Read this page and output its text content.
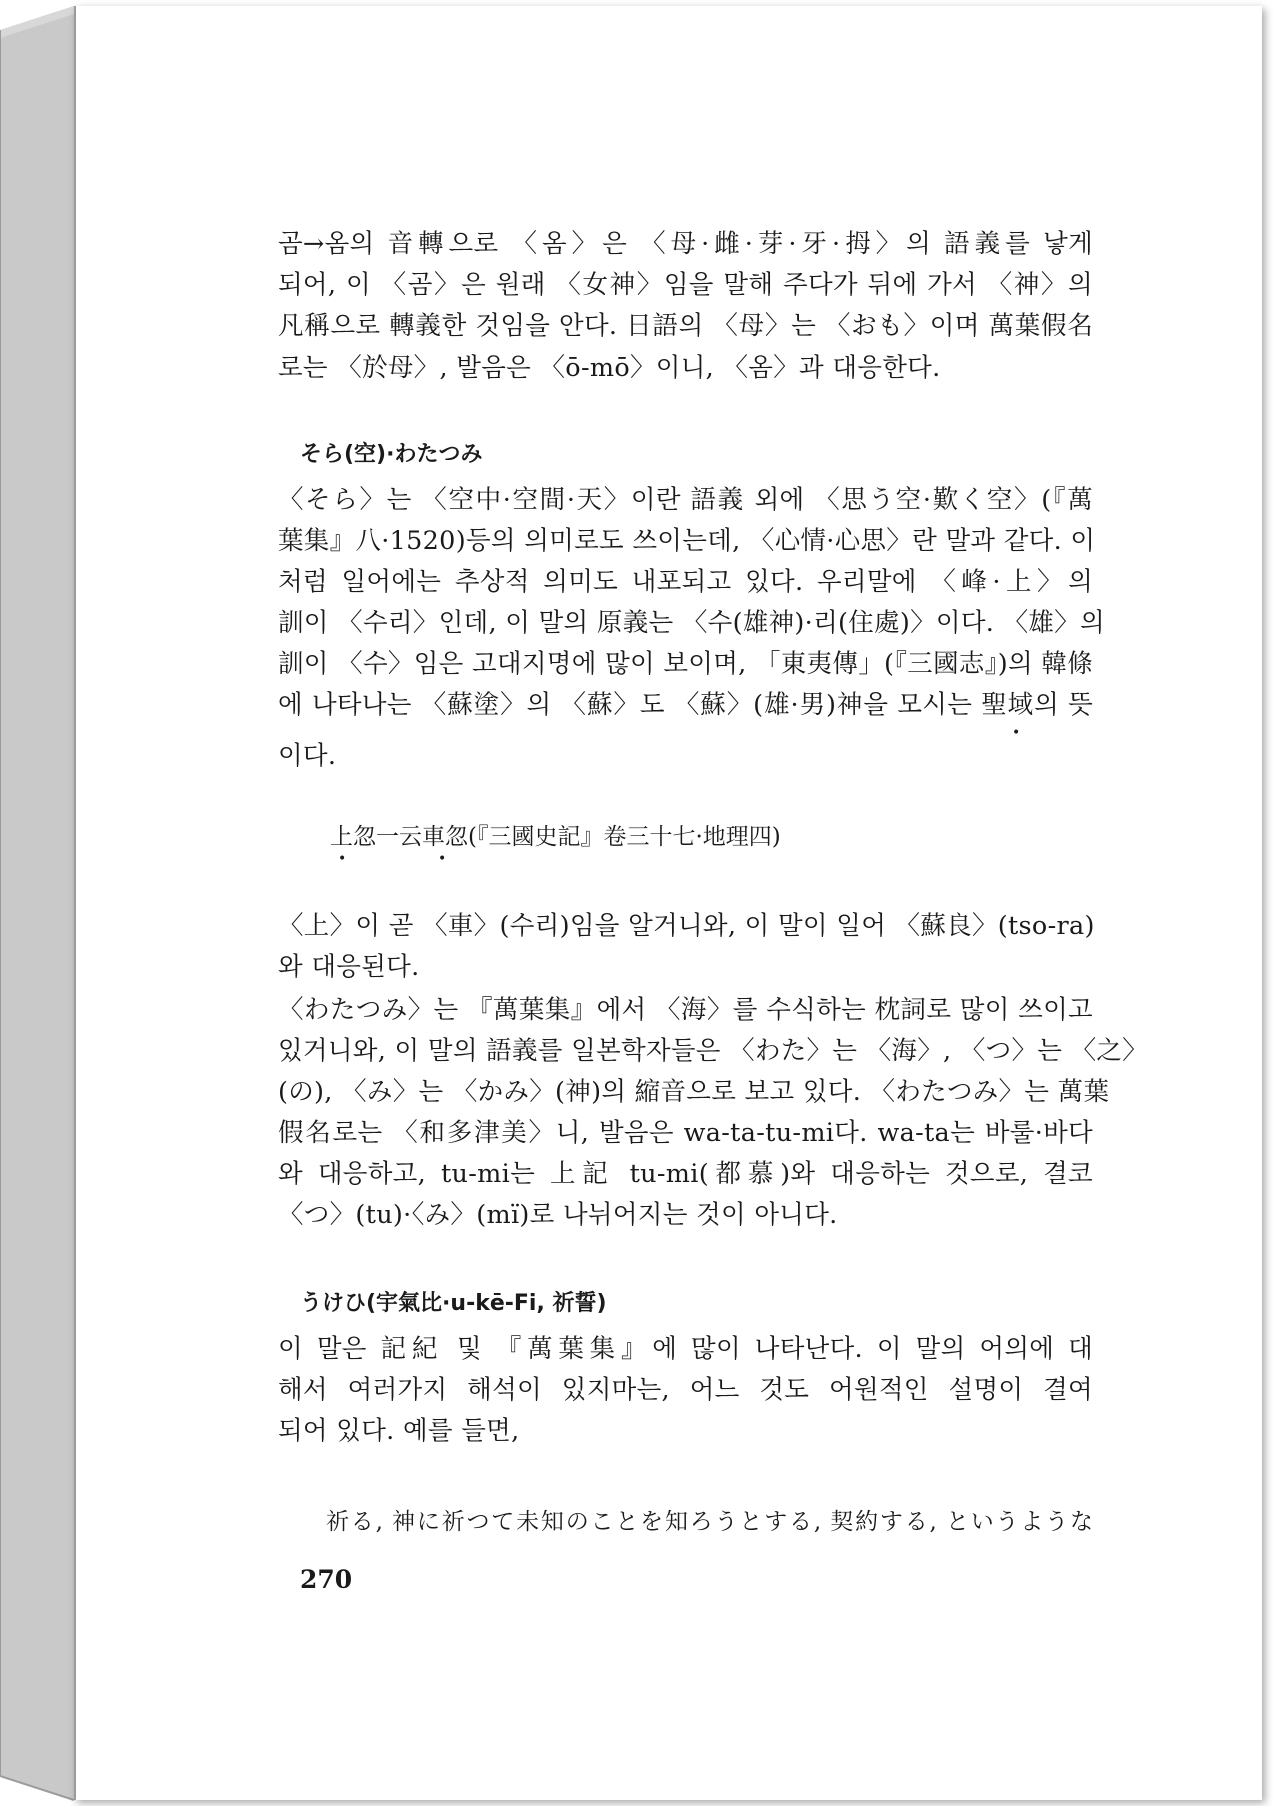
곰→옴의 音轉으로 〈옴〉은 〈母·雌·芽·牙·拇〉의 語義를 낳게
되어, 이 〈곰〉은 원래 〈女神〉임을 말해 주다가 뒤에 가서 〈神〉의
凡稱으로 轉義한 것임을 안다. 日語의 〈母〉는 〈おも〉이며 萬葉假名
로는 〈於母〉, 발음은 〈ō-mō〉이니, 〈옴〉과 대응한다.
そら(空)·わたつみ
〈そら〉는 〈空中·空間·天〉이란 語義 외에 〈思う空·歎く空〉(『萬
葉集』八·1520)등의 의미로도 쓰이는데, 〈心情·心思〉란 말과 같다. 이
처럼 일어에는 추상적 의미도 내포되고 있다. 우리말에 〈峰·上〉의
訓이 〈수리〉인데, 이 말의 原義는 〈수(雄神)·리(住處)〉이다. 〈雄〉의
訓이 〈수〉임은 고대지명에 많이 보이며, 「東夷傳」(『三國志』)의 韓條
에 나타나는 〈蘇塗〉의 〈蘇〉도 〈蘇〉(雄·男)神을 모시는 聖域의 뜻
이다.
•
上忽一云車忽(『三國史記』卷三十七·地理四)
•	•
〈上〉이 곧 〈車〉(수리)임을 알거니와, 이 말이 일어 〈蘇良〉(tso-ra)
와 대응된다.
〈わたつみ〉는 『萬葉集』에서 〈海〉를 수식하는 枕詞로 많이 쓰이고
있거니와, 이 말의 語義를 일본학자들은 〈わた〉는 〈海〉, 〈つ〉는 〈之〉
(の), 〈み〉는 〈かみ〉(神)의 縮音으로 보고 있다. 〈わたつみ〉는 萬葉
假名로는 〈和多津美〉니, 발음은 wa-ta-tu-mi다. wa-ta는 바룰·바다
와 대응하고, tu-mi는 上記 tu-mi(都慕)와 대응하는 것으로, 결코
〈つ〉(tu)·〈み〉(mï)로 나뉘어지는 것이 아니다.
うけひ(宇氣比·u-kē-Fi, 祈誓)
이 말은 記紀 및 『萬葉集』에 많이 나타난다. 이 말의 어의에 대
해서 여러가지 해석이 있지마는, 어느 것도 어원적인 설명이 결여
되어 있다. 예를 들면,
祈る, 神に祈つて未知のことを知ろうとする, 契約する, というような
270
